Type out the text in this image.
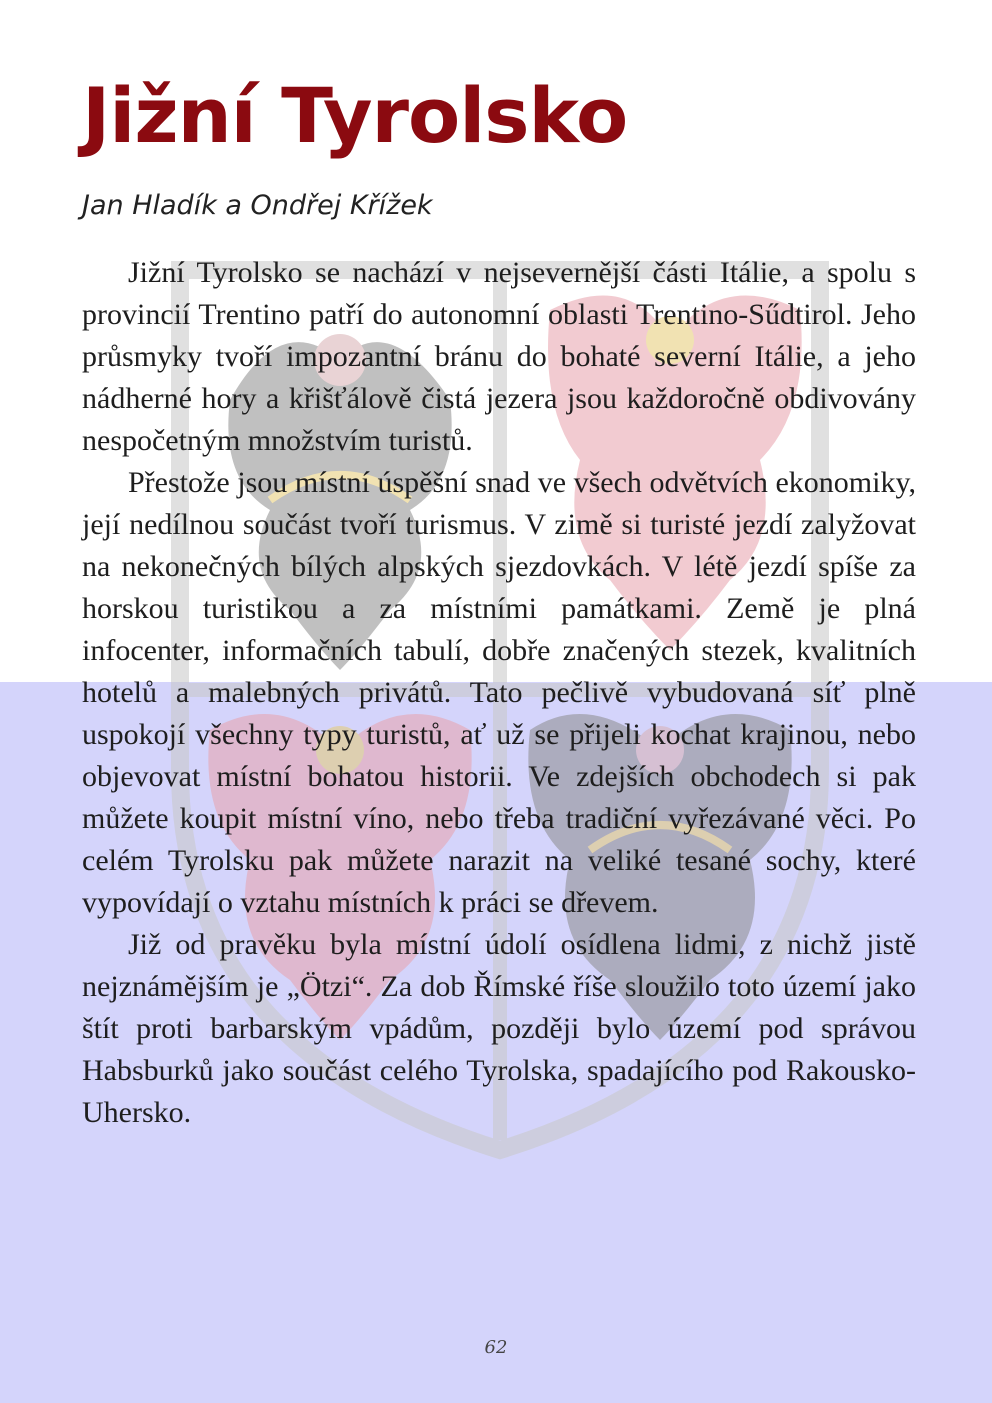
Jižní Tyrolsko
Jan Hladík a Ondřej Křížek

Jižní Tyrolsko se nachází v nejsevernější části Itálie, a spolu s provincií Trentino patří do autonomní oblasti Trentino-Sűdtirol. Jeho průsmyky tvoří impozantní bránu do bohaté severní Itálie, a jeho nádherné hory a křišťálově čistá jezera jsou každoročně obdivovány nespočetným množstvím turistů.

Přestože jsou místní úspěšní snad ve všech odvětvích ekonomiky, její nedílnou součást tvoří turismus. V zimě si turisté jezdí zalyžovat na nekonečných bílých alpských sjezdovkách. V létě jezdí spíše za horskou turistikou a za místními památkami. Země je plná infocenter, informačních tabulí, dobře značených stezek, kvalitních hotelů a malebných privátů. Tato pečlivě vybudovaná síť plně uspokojí všechny typy turistů, ať už se přijeli kochat krajinou, nebo objevovat místní bohatou historii. Ve zdejších obchodech si pak můžete koupit místní víno, nebo třeba tradiční vyřezávané věci. Po celém Tyrolsku pak můžete narazit na veliké tesané sochy, které vypovídají o vztahu místních k práci se dřevem.

Již od pravěku byla místní údolí osídlena lidmi, z nichž jistě nejznámějším je „Ötzi“. Za dob Římské říše sloužilo toto území jako štít proti barbarským vpádům, později bylo území pod správou Habsburků jako součást celého Tyrolska, spadajícího pod Rakousko-Uhersko.

62
